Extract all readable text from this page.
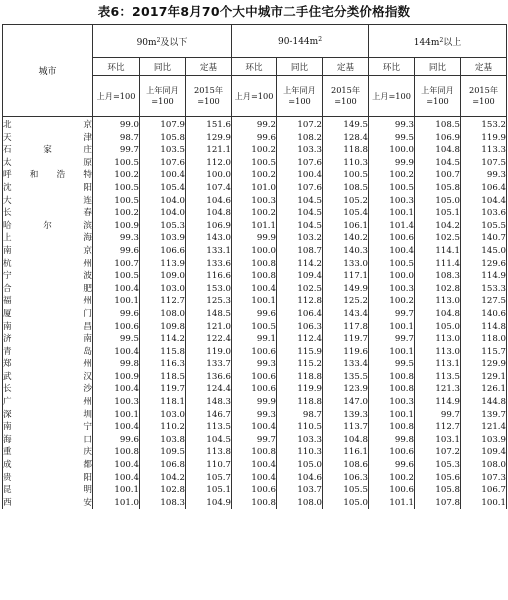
表6：2017年8月70个大中城市二手住宅分类价格指数
城市	$90m^2$及以下			$90-144m^2$			$144m^2$以上		
	环比	同比	定基	环比	同比	定基	环比	同比	定基
	上月=100	上年同月=100	2015年=100	上月=100	上年同月=100	2015年=100	上月=100	上年同月=100	2015年=100
北京	99.0	107.9	151.6	99.2	107.2	149.5	99.3	108.5	153.2
天津	98.7	105.8	129.9	99.6	108.2	128.4	99.5	106.9	119.9
石家庄	99.7	103.5	121.1	100.2	103.3	118.8	100.0	104.8	113.3
太原	100.5	107.6	112.0	100.5	107.6	110.3	99.9	104.5	107.5
呼和浩特	100.2	100.4	100.0	100.2	100.4	100.5	100.2	100.7	99.3
沈阳	100.5	105.4	107.4	101.0	107.6	108.5	100.5	105.8	106.4
大连	100.5	104.0	104.6	100.3	104.5	105.2	100.3	105.0	104.4
长春	100.2	104.0	104.8	100.2	104.5	105.4	100.1	105.1	103.6
哈尔滨	100.9	105.3	106.9	101.1	104.5	106.1	101.4	104.2	105.5
上海	99.3	103.9	143.0	99.9	103.2	140.2	100.6	102.5	140.7
南京	99.6	106.6	133.1	100.0	108.7	140.3	100.4	114.1	145.0
杭州	100.7	113.9	133.6	100.8	114.2	133.0	100.5	111.4	129.6
宁波	100.5	109.0	116.6	100.8	109.4	117.1	100.0	108.3	114.9
合肥	100.4	103.0	153.0	100.4	102.5	149.9	100.3	102.8	153.3
福州	100.1	112.7	125.3	100.1	112.8	125.2	100.2	113.0	127.5
厦门	99.6	108.0	148.5	99.6	106.4	143.4	99.7	104.8	140.6
南昌	100.6	109.8	121.0	100.5	106.3	117.8	100.1	105.0	114.8
济南	99.5	114.2	122.4	99.1	112.4	119.7	99.7	113.0	118.0
青岛	100.4	115.8	119.0	100.6	115.9	119.6	100.1	113.0	115.7
郑州	99.8	116.3	133.7	99.3	115.2	133.4	99.5	113.1	129.9
武汉	100.9	118.5	136.6	100.6	118.8	135.5	100.8	113.5	129.1
长沙	100.4	119.7	124.4	100.6	119.9	123.9	100.8	121.3	126.1
广州	100.3	118.1	148.3	99.9	118.8	147.0	100.3	114.9	144.8
深圳	100.1	103.0	146.7	99.3	98.7	139.3	100.1	99.7	139.7
南宁	100.4	110.2	113.5	100.4	110.5	113.7	100.8	112.7	121.4
海口	99.6	103.8	104.5	99.7	103.3	104.8	99.8	103.1	103.9
重庆	100.8	109.5	113.8	100.8	110.3	116.1	100.6	107.2	109.4
成都	100.4	106.8	110.7	100.4	105.0	108.6	99.6	105.3	108.0
贵阳	100.4	104.2	105.7	100.4	104.6	106.3	100.2	105.6	107.3
昆明	100.1	102.8	105.1	100.6	103.7	105.5	100.6	105.8	106.7
西安	101.0	108.3	104.9	100.8	108.0	105.0	101.1	107.8	100.1
